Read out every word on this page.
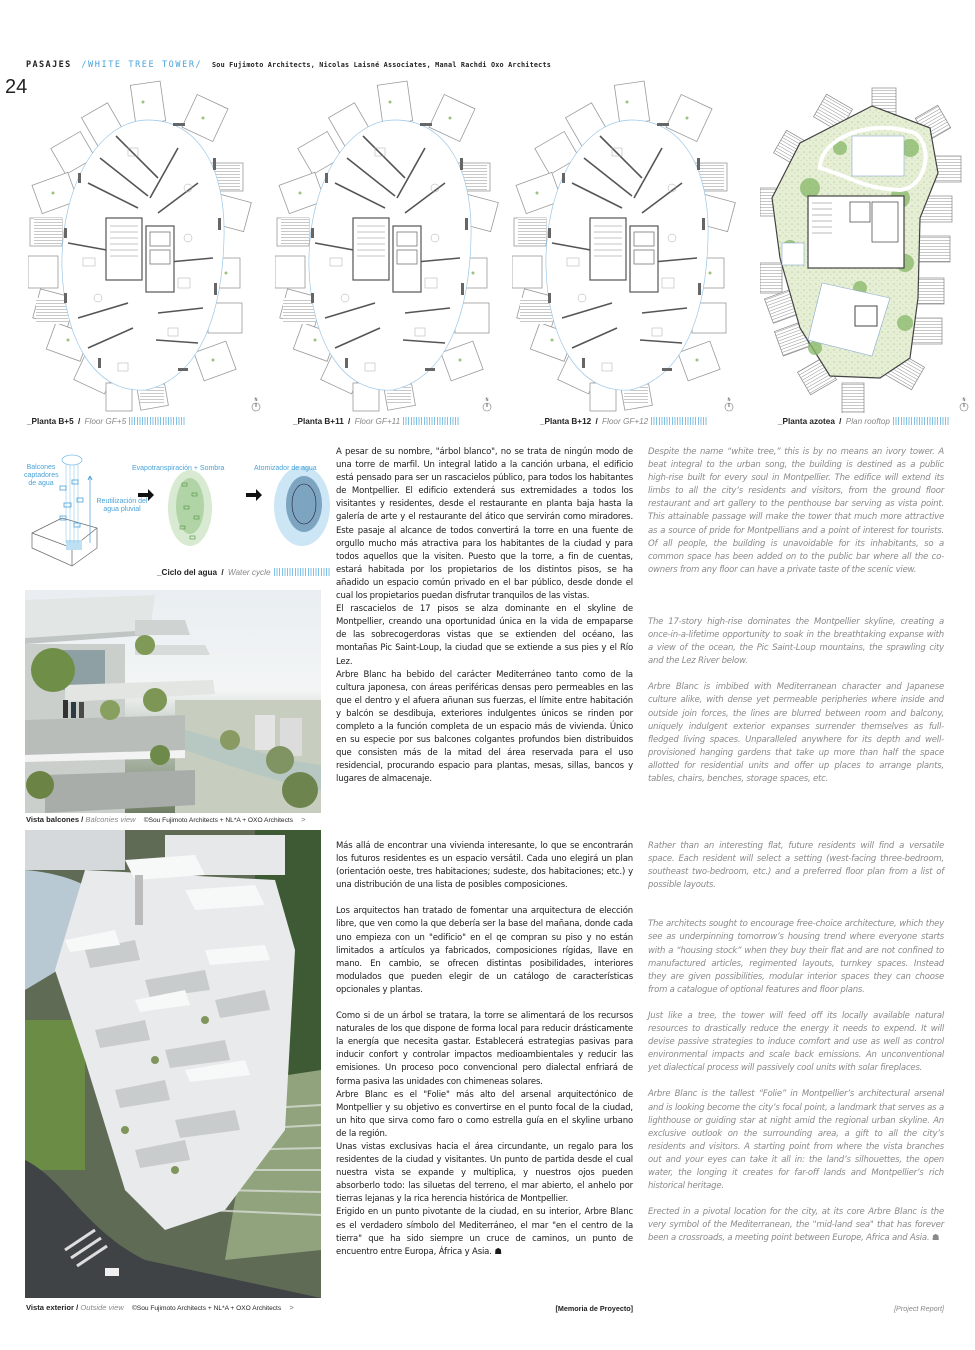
PASAJES /WHITE TREE TOWER/ Sou Fujimoto Architects, Nicolas Laisné Associates, Manal Rachdi Oxo Architects
24
N
_Planta B+5 / Floor GF+5
N
_Planta B+11 / Floor GF+11
N
_Planta B+12 / Floor GF+12
N
_Planta azotea / Plan rooftop
Balcones captadores de agua
Reutilización del agua pluvial
Evapotranspiración + Sombra	Atomizador de agua
_Ciclo del agua / Water cycle
Vista balcones / Balconies view ©Sou Fujimoto Architects + NL*A + OXO Architects >
Vista exterior / Outside view ©Sou Fujimoto Architects + NL*A + OXO Architects >

A pesar de su nombre, "árbol blanco", no se trata de ningún modo de una torre de marfil. Un integral latido a la canción urbana, el edificio está pensado para ser un rascacielos público, para todos los habitantes de Montpellier. El edificio extenderá sus extremidades a todos los visitantes y residentes, desde el restaurante en planta baja hasta la galería de arte y el restaurante del ático que servirán como miradores. Este pasaje al alcance de todos convertirá la torre en una fuente de orgullo mucho más atractiva para los habitantes de la ciudad y para todos aquellos que la visiten. Puesto que la torre, a fin de cuentas, estará habitada por los propietarios de los distintos pisos, se ha añadido un espacio común privado en el bar público, desde donde el cual los propietarios puedan disfrutar tranquilos de las vistas.

El rascacielos de 17 pisos se alza dominante en el skyline de Montpellier, creando una oportunidad única en la vida de empaparse de las sobrecogerdoras vistas que se extienden del océano, las montañas Pic Saint-Loup, la ciudad que se extiende a sus pies y el Río Lez.

Arbre Blanc ha bebido del carácter Mediterráneo tanto como de la cultura japonesa, con áreas periféricas densas pero permeables en las que el dentro y el afuera añunan sus fuerzas, el límite entre habitación y balcón se desdibuja, exteriores indulgentes únicos se rinden por completo a la función completa de un espacio más de vivienda. Único en su especie por sus balcones colgantes profundos bien distribuidos que consisten más de la mitad del área reservada para el uso residencial, procurando espacio para plantas, mesas, sillas, bancos y lugares de almacenaje.

Más allá de encontrar una vivienda interesante, lo que se encontrarán los futuros residentes es un espacio versátil. Cada uno elegirá un plan (orientación oeste, tres habitaciones; sudeste, dos habitaciones; etc.) y una distribución de una lista de posibles composiciones.

Los arquitectos han tratado de fomentar una arquitectura de elección libre, que ven como la que debería ser la base del mañana, donde cada uno empieza con un "edificio" en el qe compran su piso y no están limitados a artículos ya fabricados, composiciones rígidas, llave en mano. En cambio, se ofrecen distintas posibilidades, interiores modulados que pueden elegir de un catálogo de características opcionales y plantas.

Como si de un árbol se tratara, la torre se alimentará de los recursos naturales de los que dispone de forma local para reducir drásticamente la energía que necesita gastar. Establecerá estrategias pasivas para inducir confort y controlar impactos medioambientales y reducir las emisiones. Un proceso poco convencional pero dialectal enfriará de forma pasiva las unidades con chimeneas solares.

Arbre Blanc es el "Folie" más alto del arsenal arquitectónico de Montpellier y su objetivo es convertirse en el punto focal de la ciudad, un hito que sirva como faro o como estrella guía en el skyline urbano de la región.

Unas vistas exclusivas hacia el área circundante, un regalo para los residentes de la ciudad y visitantes. Un punto de partida desde el cual nuestra vista se expande y multiplica, y nuestros ojos pueden absorberlo todo: las siluetas del terreno, el mar abierto, el anhelo por tierras lejanas y la rica herencia histórica de Montpellier.

Erigido en un punto pivotante de la ciudad, en su interior, Arbre Blanc es el verdadero símbolo del Mediterráneo, el mar "en el centro de la tierra" que ha sido siempre un cruce de caminos, un punto de encuentro entre Europa, África y Asia. ☗

[Memoria de Proyecto]

Despite the name “white tree,” this is by no means an ivory tower. A beat integral to the urban song, the building is destined as a public high-rise built for every soul in Montpellier. The edifice will extend its limbs to all the city’s residents and visitors, from the ground floor restaurant and art gallery to the penthouse bar serving as vista point. This attainable passage will make the tower that much more attractive as a source of pride for Montpellians and a point of interest for tourists. Of all people, the building is unavoidable for its inhabitants, so a common space has been added on to the public bar where all the co-owners from any floor can have a private taste of the scenic view.

The 17-story high-rise dominates the Montpellier skyline, creating a once-in-a-lifetime opportunity to soak in the breathtaking expanse with a view of the ocean, the Pic Saint-Loup mountains, the sprawling city and the Lez River below.

Arbre Blanc is imbibed with Mediterranean character and Japanese culture alike, with dense yet permeable peripheries where inside and outside join forces, the lines are blurred between room and balcony, uniquely indulgent exterior expanses surrender themselves as full-fledged living spaces. Unparalleled anywhere for its depth and well-provisioned hanging gardens that take up more than half the space allotted for residential units and offer up places to arrange plants, tables, chairs, benches, storage spaces, etc.

Rather than an interesting flat, future residents will find a versatile space. Each resident will select a setting (west-facing three-bedroom, southeast two-bedroom, etc.) and a preferred floor plan from a list of possible layouts.

The architects sought to encourage free-choice architecture, which they see as underpinning tomorrow’s housing trend where everyone starts with a “housing stock” when they buy their flat and are not confined to manufactured articles, regimented layouts, turnkey spaces. Instead they are given possibilities, modular interior spaces they can choose from a catalogue of optional features and floor plans.

Just like a tree, the tower will feed off its locally available natural resources to drastically reduce the energy it needs to expend. It will devise passive strategies to induce comfort and use as well as control environmental impacts and scale back emissions. An unconventional yet dialectical process will passively cool units with solar fireplaces.

Arbre Blanc is the tallest “Folie” in Montpellier’s architectural arsenal and is looking become the city’s focal point, a landmark that serves as a lighthouse or guiding star at night amid the regional urban skyline. An exclusive outlook on the surrounding area, a gift to all the city’s residents and visitors. A starting point from where the vista branches out and your eyes can take it all in: the land’s silhouettes, the open water, the longing it creates for far-off lands and Montpellier’s rich historical heritage.

Erected in a pivotal location for the city, at its core Arbre Blanc is the very symbol of the Mediterranean, the "mid-land sea" that has forever been a crossroads, a meeting point between Europe, Africa and Asia. ☗

[Project Report]
